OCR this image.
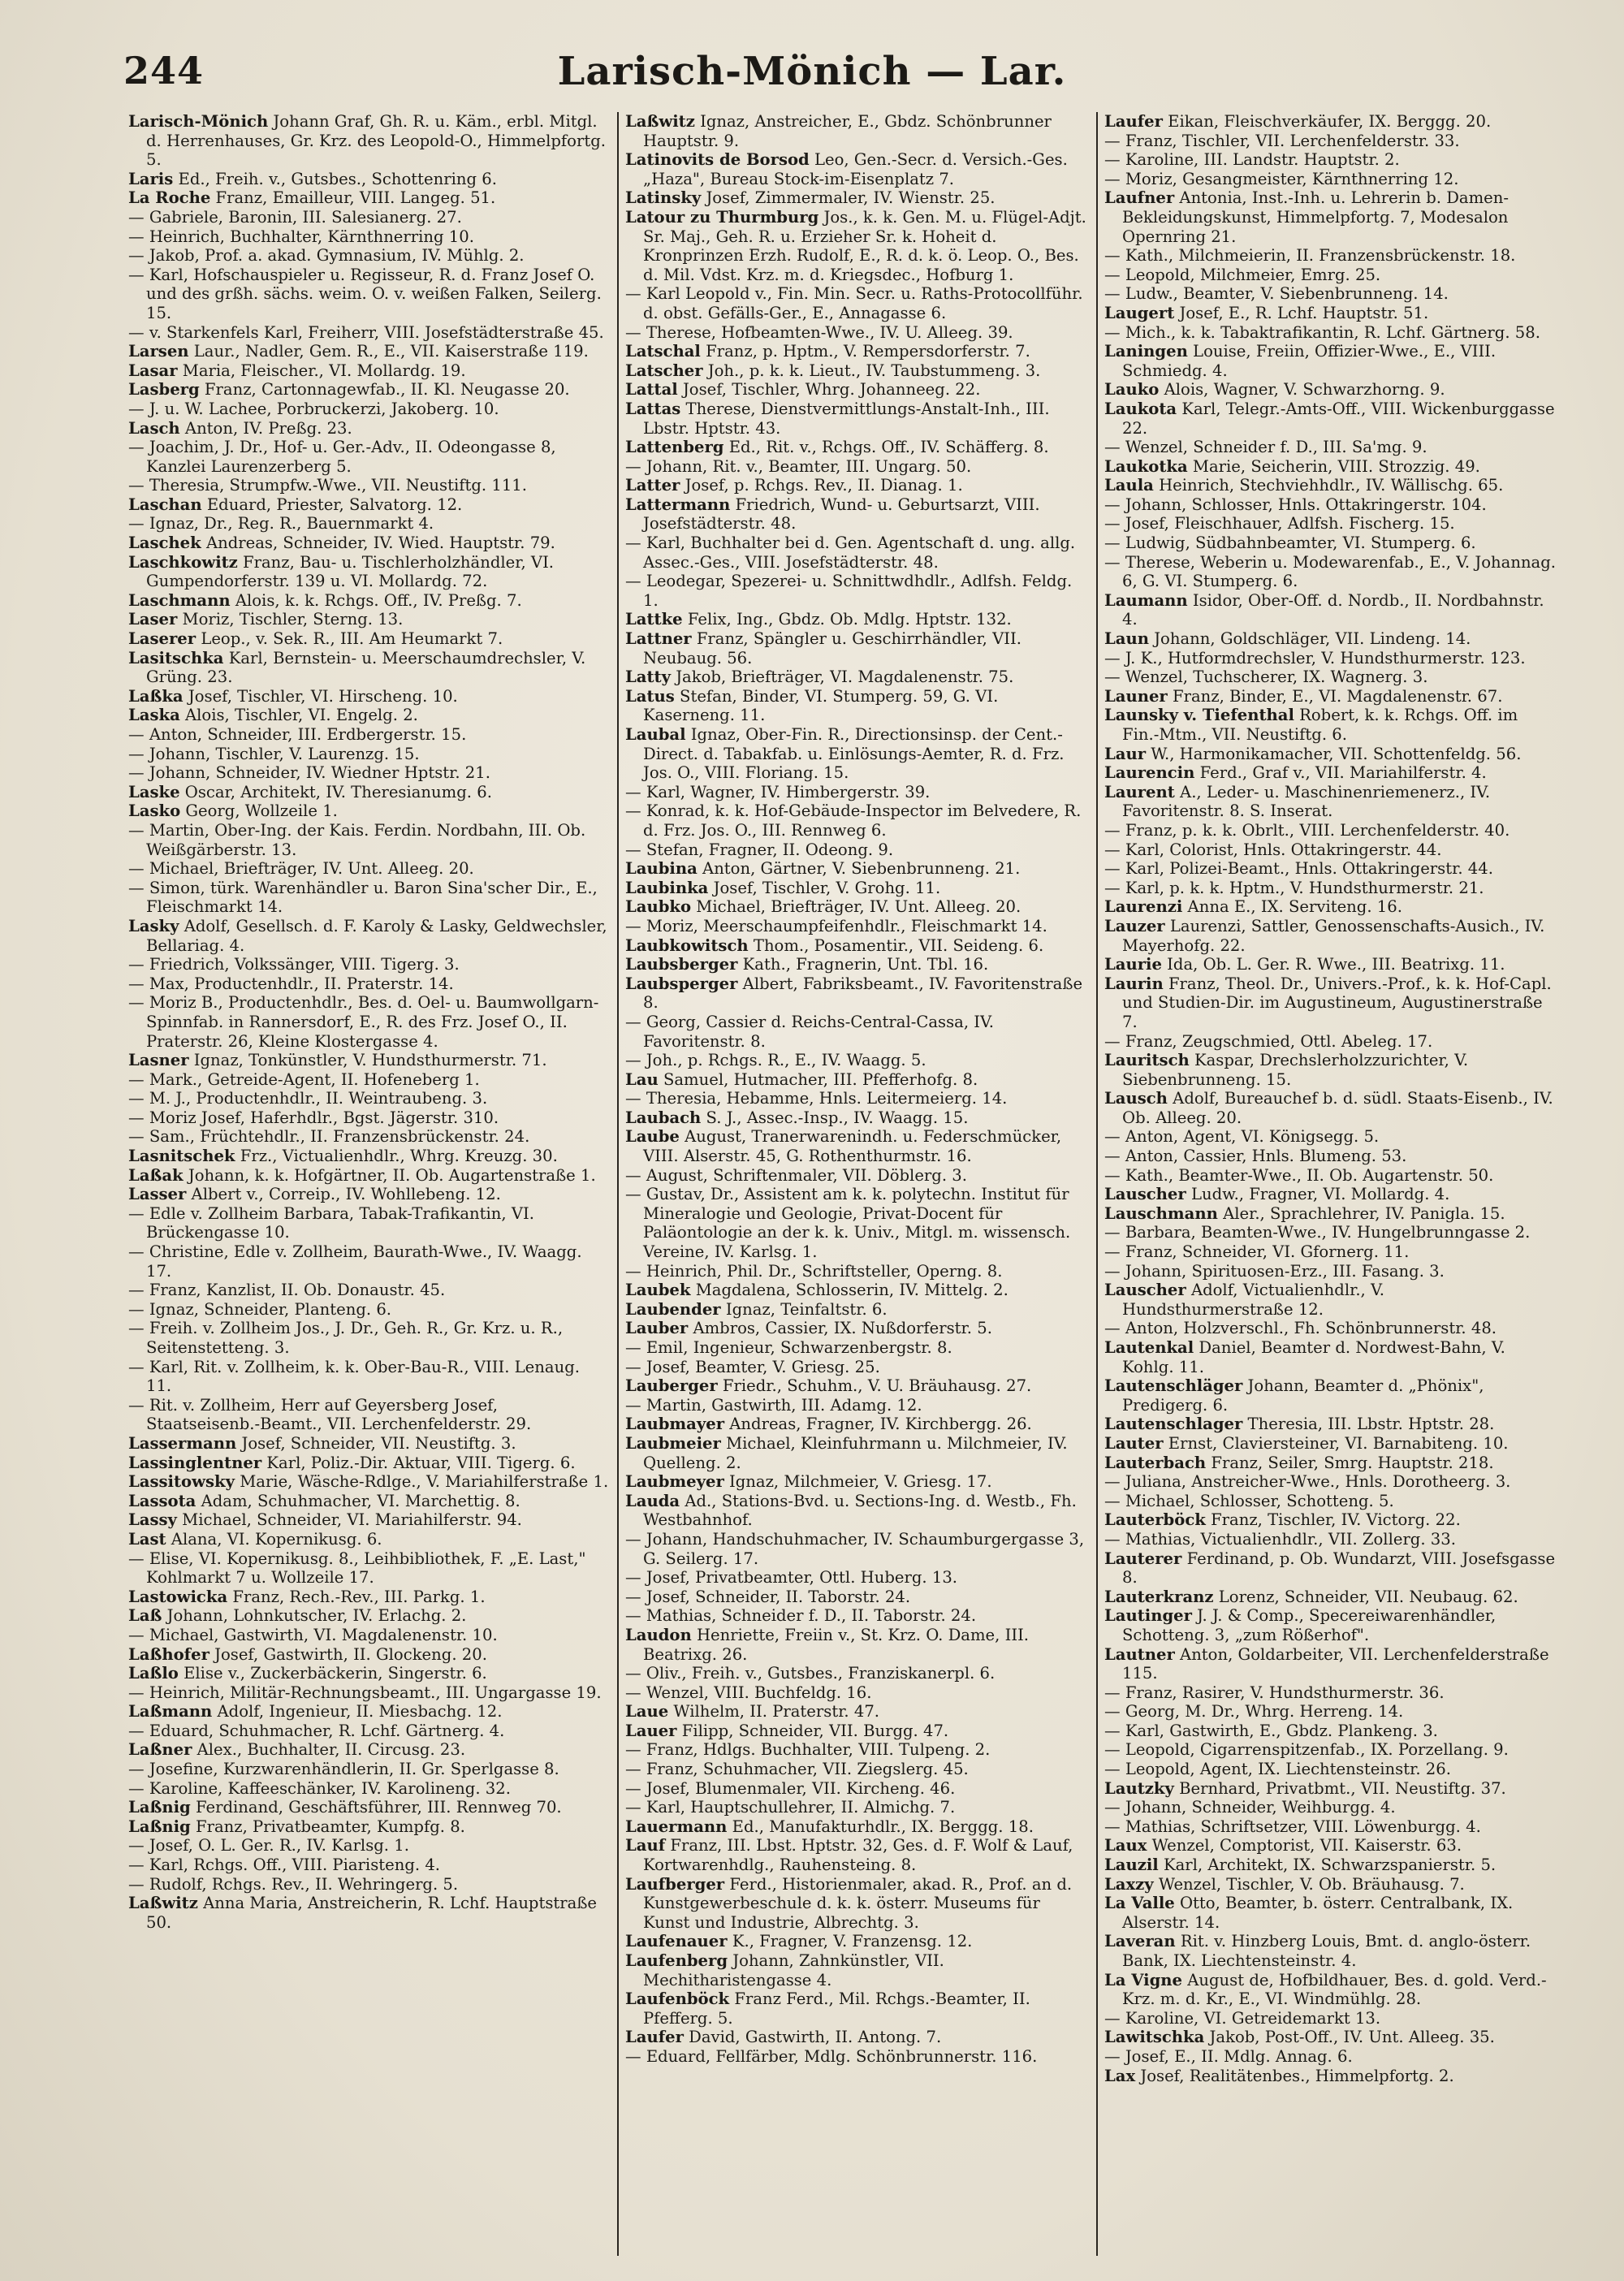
244	Larisch-Mönich — Lar.
Larisch-Mönich Johann Graf, Gh. R. u. Käm., erbl. Mitgl. d. Herrenhauses, Gr. Krz. des Leopold-O., Himmelpfortg. 5.
Laris Ed., Freih. v., Gutsbes., Schottenring 6.
La Roche Franz, Emailleur, VIII. Langeg. 51.
— Gabriele, Baronin, III. Salesianerg. 27.
— Heinrich, Buchhalter, Kärnthnerring 10.
— Jakob, Prof. a. akad. Gymnasium, IV. Mühlg. 2.
— Karl, Hofschauspieler u. Regisseur, R. d. Franz Josef O. und des grßh. sächs. weim. O. v. weißen Falken, Seilerg. 15.
— v. Starkenfels Karl, Freiherr, VIII. Josefstädterstraße 45.
Larsen Laur., Nadler, Gem. R., E., VII. Kaiserstraße 119.
Lasar Maria, Fleischer., VI. Mollardg. 19.
Lasberg Franz, Cartonnagewfab., II. Kl. Neugasse 20.
— J. u. W. Lachee, Porbruckerzi, Jakoberg. 10.
Lasch Anton, IV. Preßg. 23.
— Joachim, J. Dr., Hof- u. Ger.-Adv., II. Odeongasse 8, Kanzlei Laurenzerberg 5.
— Theresia, Strumpfw.-Wwe., VII. Neustiftg. 111.
Laschan Eduard, Priester, Salvatorg. 12.
— Ignaz, Dr., Reg. R., Bauernmarkt 4.
Laschek Andreas, Schneider, IV. Wied. Hauptstr. 79.
Laschkowitz Franz, Bau- u. Tischlerholzhändler, VI. Gumpendorferstr. 139 u. VI. Mollardg. 72.
Laschmann Alois, k. k. Rchgs. Off., IV. Preßg. 7.
Laser Moriz, Tischler, Sterng. 13.
Laserer Leop., v. Sek. R., III. Am Heumarkt 7.
Lasitschka Karl, Bernstein- u. Meerschaumdrechsler, V. Grüng. 23.
Laßka Josef, Tischler, VI. Hirscheng. 10.
Laska Alois, Tischler, VI. Engelg. 2.
— Anton, Schneider, III. Erdbergerstr. 15.
— Johann, Tischler, V. Laurenzg. 15.
— Johann, Schneider, IV. Wiedner Hptstr. 21.
Laske Oscar, Architekt, IV. Theresianumg. 6.
Lasko Georg, Wollzeile 1.
— Martin, Ober-Ing. der Kais. Ferdin. Nordbahn, III. Ob. Weißgärberstr. 13.
— Michael, Briefträger, IV. Unt. Alleeg. 20.
— Simon, türk. Warenhändler u. Baron Sina'scher Dir., E., Fleischmarkt 14.
Lasky Adolf, Gesellsch. d. F. Karoly & Lasky, Geldwechsler, Bellariag. 4.
— Friedrich, Volkssänger, VIII. Tigerg. 3.
— Max, Productenhdlr., II. Praterstr. 14.
— Moriz B., Productenhdlr., Bes. d. Oel- u. Baumwollgarn-Spinnfab. in Rannersdorf, E., R. des Frz. Josef O., II. Praterstr. 26, Kleine Klostergasse 4.
Lasner Ignaz, Tonkünstler, V. Hundsthurmerstr. 71.
— Mark., Getreide-Agent, II. Hofeneberg 1.
— M. J., Productenhdlr., II. Weintraubeng. 3.
— Moriz Josef, Haferhdlr., Bgst. Jägerstr. 310.
— Sam., Früchtehdlr., II. Franzensbrückenstr. 24.
Lasnitschek Frz., Victualienhdlr., Whrg. Kreuzg. 30.
Laßak Johann, k. k. Hofgärtner, II. Ob. Augartenstraße 1.
Lasser Albert v., Correip., IV. Wohllebeng. 12.
— Edle v. Zollheim Barbara, Tabak-Trafikantin, VI. Brückengasse 10.
— Christine, Edle v. Zollheim, Baurath-Wwe., IV. Waagg. 17.
— Franz, Kanzlist, II. Ob. Donaustr. 45.
— Ignaz, Schneider, Planteng. 6.
— Freih. v. Zollheim Jos., J. Dr., Geh. R., Gr. Krz. u. R., Seitenstetteng. 3.
— Karl, Rit. v. Zollheim, k. k. Ober-Bau-R., VIII. Lenaug. 11.
— Rit. v. Zollheim, Herr auf Geyersberg Josef, Staatseisenb.-Beamt., VII. Lerchenfelderstr. 29.
Lassermann Josef, Schneider, VII. Neustiftg. 3.
Lassinglentner Karl, Poliz.-Dir. Aktuar, VIII. Tigerg. 6.
Lassitowsky Marie, Wäsche-Rdlge., V. Mariahilferstraße 1.
Lassota Adam, Schuhmacher, VI. Marchettig. 8.
Lassy Michael, Schneider, VI. Mariahilferstr. 94.
Last Alana, VI. Kopernikusg. 6.
— Elise, VI. Kopernikusg. 8., Leihbibliothek, F. „E. Last," Kohlmarkt 7 u. Wollzeile 17.
Lastowicka Franz, Rech.-Rev., III. Parkg. 1.
Laß Johann, Lohnkutscher, IV. Erlachg. 2.
— Michael, Gastwirth, VI. Magdalenenstr. 10.
Laßhofer Josef, Gastwirth, II. Glockeng. 20.
Laßlo Elise v., Zuckerbäckerin, Singerstr. 6.
— Heinrich, Militär-Rechnungsbeamt., III. Ungargasse 19.
Laßmann Adolf, Ingenieur, II. Miesbachg. 12.
— Eduard, Schuhmacher, R. Lchf. Gärtnerg. 4.
Laßner Alex., Buchhalter, II. Circusg. 23.
— Josefine, Kurzwarenhändlerin, II. Gr. Sperlgasse 8.
— Karoline, Kaffeeschänker, IV. Karolineng. 32.
Laßnig Ferdinand, Geschäftsführer, III. Rennweg 70.
Laßnig Franz, Privatbeamter, Kumpfg. 8.
— Josef, O. L. Ger. R., IV. Karlsg. 1.
— Karl, Rchgs. Off., VIII. Piaristeng. 4.
— Rudolf, Rchgs. Rev., II. Wehringerg. 5.
Laßwitz Anna Maria, Anstreicherin, R. Lchf. Hauptstraße 50.
Laßwitz Ignaz, Anstreicher, E., Gbdz. Schönbrunner Hauptstr. 9.
Latinovits de Borsod Leo, Gen.-Secr. d. Versich.-Ges. „Haza", Bureau Stock-im-Eisenplatz 7.
Latinsky Josef, Zimmermaler, IV. Wienstr. 25.
Latour zu Thurmburg Jos., k. k. Gen. M. u. Flügel-Adjt. Sr. Maj., Geh. R. u. Erzieher Sr. k. Hoheit d. Kronprinzen Erzh. Rudolf, E., R. d. k. ö. Leop. O., Bes. d. Mil. Vdst. Krz. m. d. Kriegsdec., Hofburg 1.
— Karl Leopold v., Fin. Min. Secr. u. Raths-Protocollführ. d. obst. Gefälls-Ger., E., Annagasse 6.
— Therese, Hofbeamten-Wwe., IV. U. Alleeg. 39.
Latschal Franz, p. Hptm., V. Rempersdorferstr. 7.
Latscher Joh., p. k. k. Lieut., IV. Taubstummeng. 3.
Lattal Josef, Tischler, Whrg. Johanneeg. 22.
Lattas Therese, Dienstvermittlungs-Anstalt-Inh., III. Lbstr. Hptstr. 43.
Lattenberg Ed., Rit. v., Rchgs. Off., IV. Schäfferg. 8.
— Johann, Rit. v., Beamter, III. Ungarg. 50.
Latter Josef, p. Rchgs. Rev., II. Dianag. 1.
Lattermann Friedrich, Wund- u. Geburtsarzt, VIII. Josefstädterstr. 48.
— Karl, Buchhalter bei d. Gen. Agentschaft d. ung. allg. Assec.-Ges., VIII. Josefstädterstr. 48.
— Leodegar, Spezerei- u. Schnittwdhdlr., Adlfsh. Feldg. 1.
Lattke Felix, Ing., Gbdz. Ob. Mdlg. Hptstr. 132.
Lattner Franz, Spängler u. Geschirrhändler, VII. Neubaug. 56.
Latty Jakob, Briefträger, VI. Magdalenenstr. 75.
Latus Stefan, Binder, VI. Stumperg. 59, G. VI. Kaserneng. 11.
Laubal Ignaz, Ober-Fin. R., Directionsinsp. der Cent.-Direct. d. Tabakfab. u. Einlösungs-Aemter, R. d. Frz. Jos. O., VIII. Floriang. 15.
— Karl, Wagner, IV. Himbergerstr. 39.
— Konrad, k. k. Hof-Gebäude-Inspector im Belvedere, R. d. Frz. Jos. O., III. Rennweg 6.
— Stefan, Fragner, II. Odeong. 9.
Laubina Anton, Gärtner, V. Siebenbrunneng. 21.
Laubinka Josef, Tischler, V. Grohg. 11.
Laubko Michael, Briefträger, IV. Unt. Alleeg. 20.
— Moriz, Meerschaumpfeifenhdlr., Fleischmarkt 14.
Laubkowitsch Thom., Posamentir., VII. Seideng. 6.
Laubsberger Kath., Fragnerin, Unt. Tbl. 16.
Laubsperger Albert, Fabriksbeamt., IV. Favoritenstraße 8.
— Georg, Cassier d. Reichs-Central-Cassa, IV. Favoritenstr. 8.
— Joh., p. Rchgs. R., E., IV. Waagg. 5.
Lau Samuel, Hutmacher, III. Pfefferhofg. 8.
— Theresia, Hebamme, Hnls. Leitermeierg. 14.
Laubach S. J., Assec.-Insp., IV. Waagg. 15.
Laube August, Tranerwarenindh. u. Federschmücker, VIII. Alserstr. 45, G. Rothenthurmstr. 16.
— August, Schriftenmaler, VII. Döblerg. 3.
— Gustav, Dr., Assistent am k. k. polytechn. Institut für Mineralogie und Geologie, Privat-Docent für Paläontologie an der k. k. Univ., Mitgl. m. wissensch. Vereine, IV. Karlsg. 1.
— Heinrich, Phil. Dr., Schriftsteller, Operng. 8.
Laubek Magdalena, Schlosserin, IV. Mittelg. 2.
Laubender Ignaz, Teinfaltstr. 6.
Lauber Ambros, Cassier, IX. Nußdorferstr. 5.
— Emil, Ingenieur, Schwarzenbergstr. 8.
— Josef, Beamter, V. Griesg. 25.
Lauberger Friedr., Schuhm., V. U. Bräuhausg. 27.
— Martin, Gastwirth, III. Adamg. 12.
Laubmayer Andreas, Fragner, IV. Kirchbergg. 26.
Laubmeier Michael, Kleinfuhrmann u. Milchmeier, IV. Quelleng. 2.
Laubmeyer Ignaz, Milchmeier, V. Griesg. 17.
Lauda Ad., Stations-Bvd. u. Sections-Ing. d. Westb., Fh. Westbahnhof.
— Johann, Handschuhmacher, IV. Schaumburgergasse 3, G. Seilerg. 17.
— Josef, Privatbeamter, Ottl. Huberg. 13.
— Josef, Schneider, II. Taborstr. 24.
— Mathias, Schneider f. D., II. Taborstr. 24.
Laudon Henriette, Freiin v., St. Krz. O. Dame, III. Beatrixg. 26.
— Oliv., Freih. v., Gutsbes., Franziskanerpl. 6.
— Wenzel, VIII. Buchfeldg. 16.
Laue Wilhelm, II. Praterstr. 47.
Lauer Filipp, Schneider, VII. Burgg. 47.
— Franz, Hdlgs. Buchhalter, VIII. Tulpeng. 2.
— Franz, Schuhmacher, VII. Ziegslerg. 45.
— Josef, Blumenmaler, VII. Kircheng. 46.
— Karl, Hauptschullehrer, II. Almichg. 7.
Lauermann Ed., Manufakturhdlr., IX. Berggg. 18.
Lauf Franz, III. Lbst. Hptstr. 32, Ges. d. F. Wolf & Lauf, Kortwarenhdlg., Rauhensteing. 8.
Laufberger Ferd., Historienmaler, akad. R., Prof. an d. Kunstgewerbeschule d. k. k. österr. Museums für Kunst und Industrie, Albrechtg. 3.
Laufenauer K., Fragner, V. Franzensg. 12.
Laufenberg Johann, Zahnkünstler, VII. Mechitharistengasse 4.
Laufenböck Franz Ferd., Mil. Rchgs.-Beamter, II. Pfefferg. 5.
Laufer David, Gastwirth, II. Antong. 7.
— Eduard, Fellfärber, Mdlg. Schönbrunnerstr. 116.
Laufer Eikan, Fleischverkäufer, IX. Berggg. 20.
— Franz, Tischler, VII. Lerchenfelderstr. 33.
— Karoline, III. Landstr. Hauptstr. 2.
— Moriz, Gesangmeister, Kärnthnerring 12.
Laufner Antonia, Inst.-Inh. u. Lehrerin b. Damen-Bekleidungskunst, Himmelpfortg. 7, Modesalon Opernring 21.
— Kath., Milchmeierin, II. Franzensbrückenstr. 18.
— Leopold, Milchmeier, Emrg. 25.
— Ludw., Beamter, V. Siebenbrunneng. 14.
Laugert Josef, E., R. Lchf. Hauptstr. 51.
— Mich., k. k. Tabaktrafikantin, R. Lchf. Gärtnerg. 58.
Laningen Louise, Freiin, Offizier-Wwe., E., VIII. Schmiedg. 4.
Lauko Alois, Wagner, V. Schwarzhorng. 9.
Laukota Karl, Telegr.-Amts-Off., VIII. Wickenburggasse 22.
— Wenzel, Schneider f. D., III. Sa'mg. 9.
Laukotka Marie, Seicherin, VIII. Strozzig. 49.
Laula Heinrich, Stechviehhdlr., IV. Wällischg. 65.
— Johann, Schlosser, Hnls. Ottakringerstr. 104.
— Josef, Fleischhauer, Adlfsh. Fischerg. 15.
— Ludwig, Südbahnbeamter, VI. Stumperg. 6.
— Therese, Weberin u. Modewarenfab., E., V. Johannag. 6, G. VI. Stumperg. 6.
Laumann Isidor, Ober-Off. d. Nordb., II. Nordbahnstr. 4.
Laun Johann, Goldschläger, VII. Lindeng. 14.
— J. K., Hutformdrechsler, V. Hundsthurmerstr. 123.
— Wenzel, Tuchscherer, IX. Wagnerg. 3.
Launer Franz, Binder, E., VI. Magdalenenstr. 67.
Launsky v. Tiefenthal Robert, k. k. Rchgs. Off. im Fin.-Mtm., VII. Neustiftg. 6.
Laur W., Harmonikamacher, VII. Schottenfeldg. 56.
Laurencin Ferd., Graf v., VII. Mariahilferstr. 4.
Laurent A., Leder- u. Maschinenriemenerz., IV. Favoritenstr. 8. S. Inserat.
— Franz, p. k. k. Obrlt., VIII. Lerchenfelderstr. 40.
— Karl, Colorist, Hnls. Ottakringerstr. 44.
— Karl, Polizei-Beamt., Hnls. Ottakringerstr. 44.
— Karl, p. k. k. Hptm., V. Hundsthurmerstr. 21.
Laurenzi Anna E., IX. Serviteng. 16.
Lauzer Laurenzi, Sattler, Genossenschafts-Ausich., IV. Mayerhofg. 22.
Laurie Ida, Ob. L. Ger. R. Wwe., III. Beatrixg. 11.
Laurin Franz, Theol. Dr., Univers.-Prof., k. k. Hof-Capl. und Studien-Dir. im Augustineum, Augustinerstraße 7.
— Franz, Zeugschmied, Ottl. Abeleg. 17.
Lauritsch Kaspar, Drechslerholzzurichter, V. Siebenbrunneng. 15.
Lausch Adolf, Bureauchef b. d. südl. Staats-Eisenb., IV. Ob. Alleeg. 20.
— Anton, Agent, VI. Königsegg. 5.
— Anton, Cassier, Hnls. Blumeng. 53.
— Kath., Beamter-Wwe., II. Ob. Augartenstr. 50.
Lauscher Ludw., Fragner, VI. Mollardg. 4.
Lauschmann Aler., Sprachlehrer, IV. Panigla. 15.
— Barbara, Beamten-Wwe., IV. Hungelbrunngasse 2.
— Franz, Schneider, VI. Gfornerg. 11.
— Johann, Spirituosen-Erz., III. Fasang. 3.
Lauscher Adolf, Victualienhdlr., V. Hundsthurmerstraße 12.
— Anton, Holzverschl., Fh. Schönbrunnerstr. 48.
Lautenkal Daniel, Beamter d. Nordwest-Bahn, V. Kohlg. 11.
Lautenschläger Johann, Beamter d. „Phönix", Predigerg. 6.
Lautenschlager Theresia, III. Lbstr. Hptstr. 28.
Lauter Ernst, Claviersteiner, VI. Barnabiteng. 10.
Lauterbach Franz, Seiler, Smrg. Hauptstr. 218.
— Juliana, Anstreicher-Wwe., Hnls. Dorotheerg. 3.
— Michael, Schlosser, Schotteng. 5.
Lauterböck Franz, Tischler, IV. Victorg. 22.
— Mathias, Victualienhdlr., VII. Zollerg. 33.
Lauterer Ferdinand, p. Ob. Wundarzt, VIII. Josefsgasse 8.
Lauterkranz Lorenz, Schneider, VII. Neubaug. 62.
Lautinger J. J. & Comp., Specereiwarenhändler, Schotteng. 3, „zum Rößerhof".
Lautner Anton, Goldarbeiter, VII. Lerchenfelderstraße 115.
— Franz, Rasirer, V. Hundsthurmerstr. 36.
— Georg, M. Dr., Whrg. Herreng. 14.
— Karl, Gastwirth, E., Gbdz. Plankeng. 3.
— Leopold, Cigarrenspitzenfab., IX. Porzellang. 9.
— Leopold, Agent, IX. Liechtensteinstr. 26.
Lautzky Bernhard, Privatbmt., VII. Neustiftg. 37.
— Johann, Schneider, Weihburgg. 4.
— Mathias, Schriftsetzer, VIII. Löwenburgg. 4.
Laux Wenzel, Comptorist, VII. Kaiserstr. 63.
Lauzil Karl, Architekt, IX. Schwarzspanierstr. 5.
Laxzy Wenzel, Tischler, V. Ob. Bräuhausg. 7.
La Valle Otto, Beamter, b. österr. Centralbank, IX. Alserstr. 14.
Laveran Rit. v. Hinzberg Louis, Bmt. d. anglo-österr. Bank, IX. Liechtensteinstr. 4.
La Vigne August de, Hofbildhauer, Bes. d. gold. Verd.-Krz. m. d. Kr., E., VI. Windmühlg. 28.
— Karoline, VI. Getreidemarkt 13.
Lawitschka Jakob, Post-Off., IV. Unt. Alleeg. 35.
— Josef, E., II. Mdlg. Annag. 6.
Lax Josef, Realitätenbes., Himmelpfortg. 2.
